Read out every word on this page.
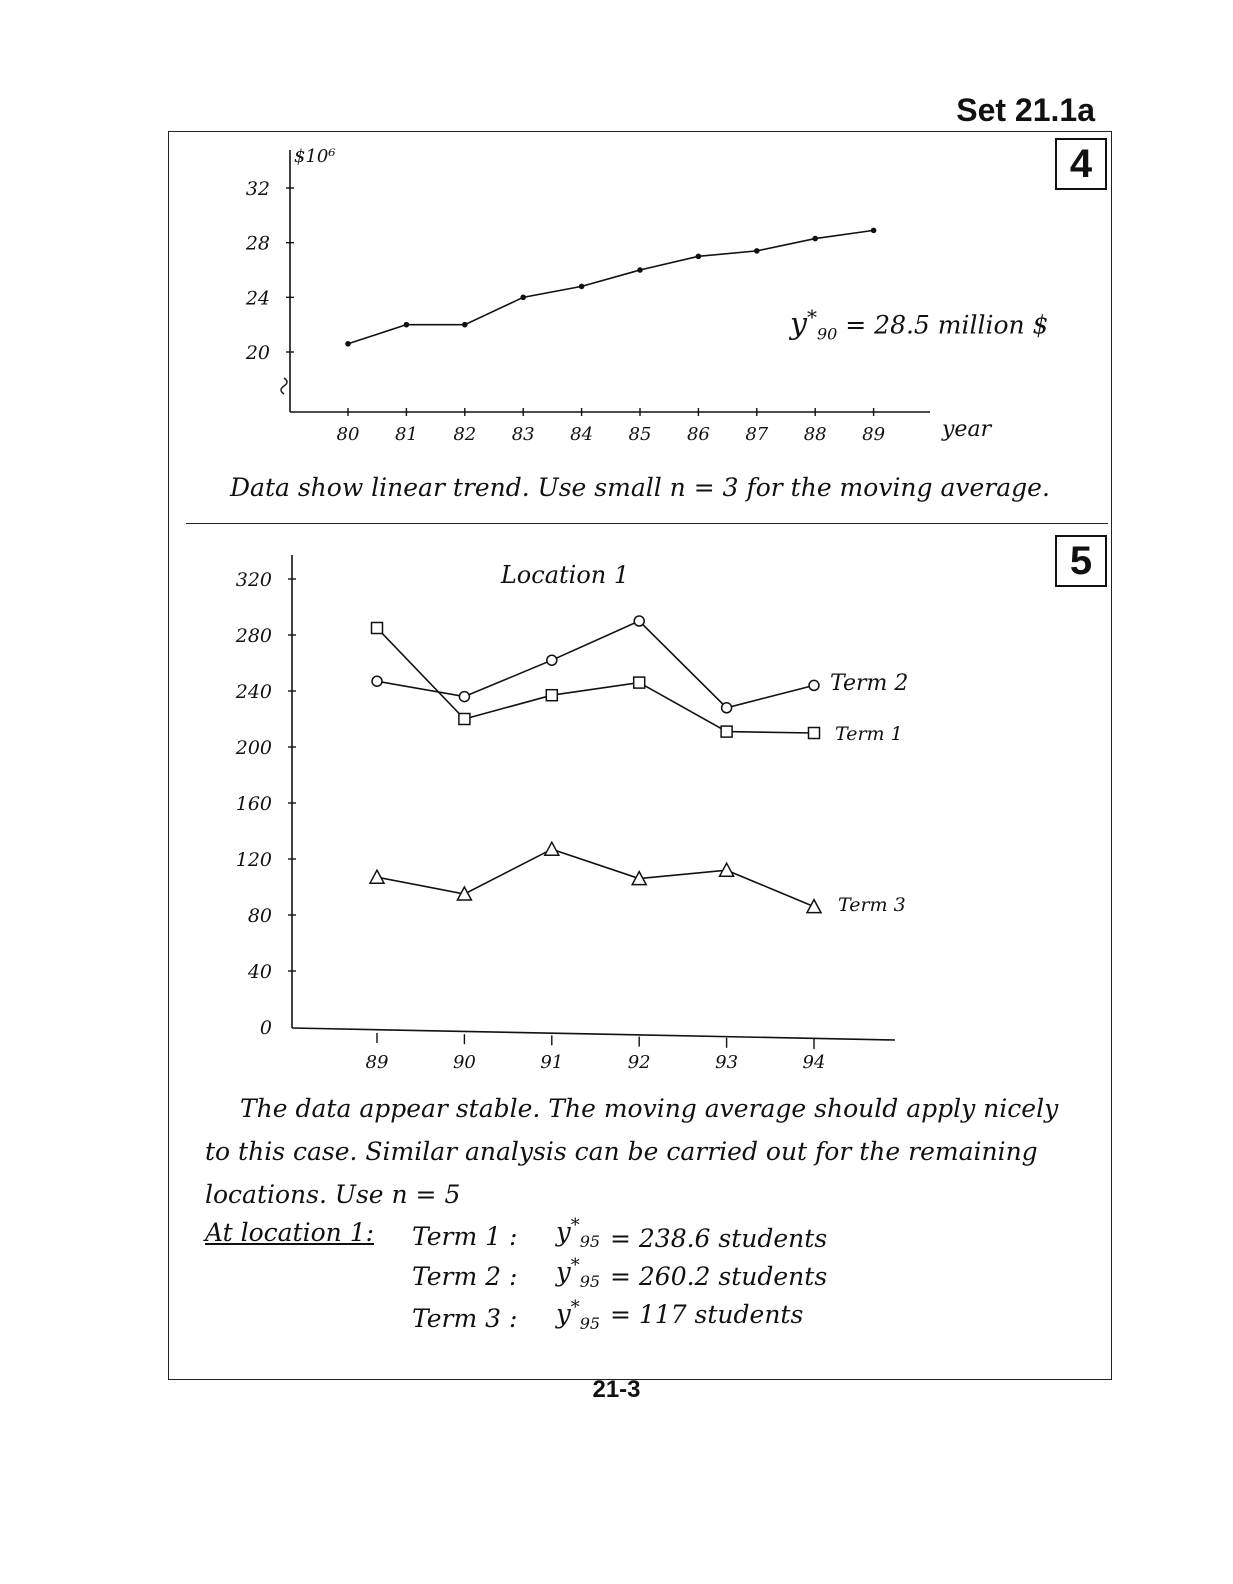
Set 21.1a
4
5
$10⁶
year
32
28
24
20
80 81 82 83 84 85 86 87 88 89
$y^*_{90} = 28.5$ million $
Data show linear trend. Use small n = 3 for the moving average.
Location 1
320
280
240
200
160
120
80
40
0
89	90	91	92	93	94
Term 1
Term 2
Term 3
The data appear stable. The moving average should apply nicely
to this case. Similar analysis can be carried out for the remaining
locations. Use n = 5
At location 1: Term 1 : $y^*_{95} = 238.6$ students
Term 2 : $y^*_{95} = 260.2$ students
Term 3 : $y^*_{95} = 117$ students
21-3
